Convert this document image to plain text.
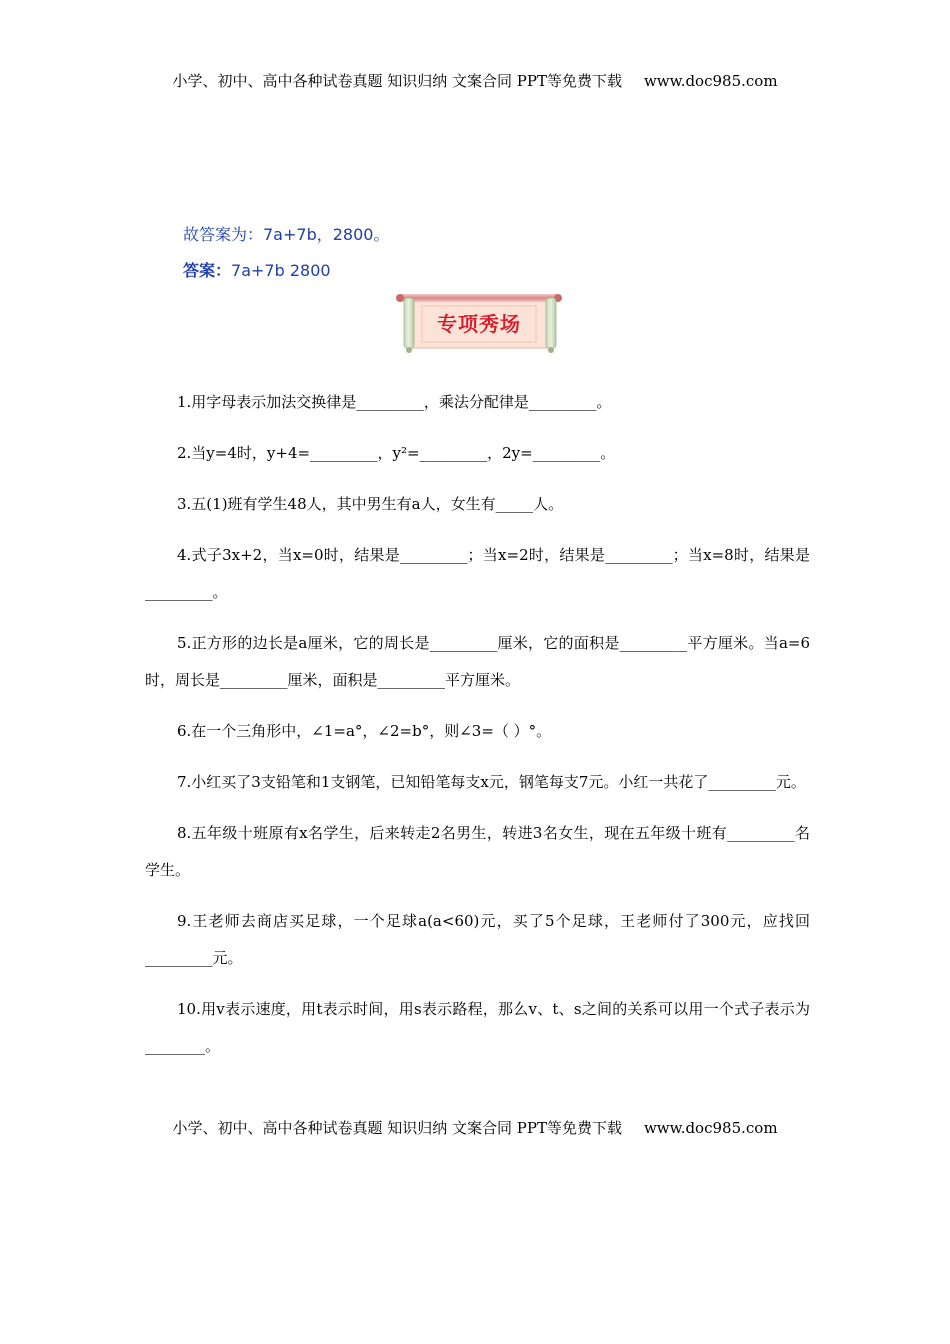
小学、初中、高中各种试卷真题 知识归纳 文案合同 PPT等免费下载 www.doc985.com
故答案为：7a+7b，2800。
答案：7a+7b 2800
专项秀场

1.用字母表示加法交换律是_________，乘法分配律是_________。

2.当y=4时，y+4=_________，y²=_________，2y=_________。

3.五(1)班有学生48人，其中男生有a人，女生有_____人。

4.式子3x+2，当x=0时，结果是_________；当x=2时，结果是_________；当x=8时，结果是_________。

5.正方形的边长是a厘米，它的周长是_________厘米，它的面积是_________平方厘米。当a=6时，周长是_________厘米，面积是_________平方厘米。

6.在一个三角形中，∠1=a°，∠2=b°，则∠3=（ ）°。

7.小红买了3支铅笔和1支钢笔，已知铅笔每支x元，钢笔每支7元。小红一共花了_________元。

8.五年级十班原有x名学生，后来转走2名男生，转进3名女生，现在五年级十班有_________名学生。

9.王老师去商店买足球，一个足球a(a<60)元，买了5个足球，王老师付了300元，应找回_________元。

10.用v表示速度，用t表示时间，用s表示路程，那么v、t、s之间的关系可以用一个式子表示为________。

小学、初中、高中各种试卷真题 知识归纳 文案合同 PPT等免费下载 www.doc985.com
